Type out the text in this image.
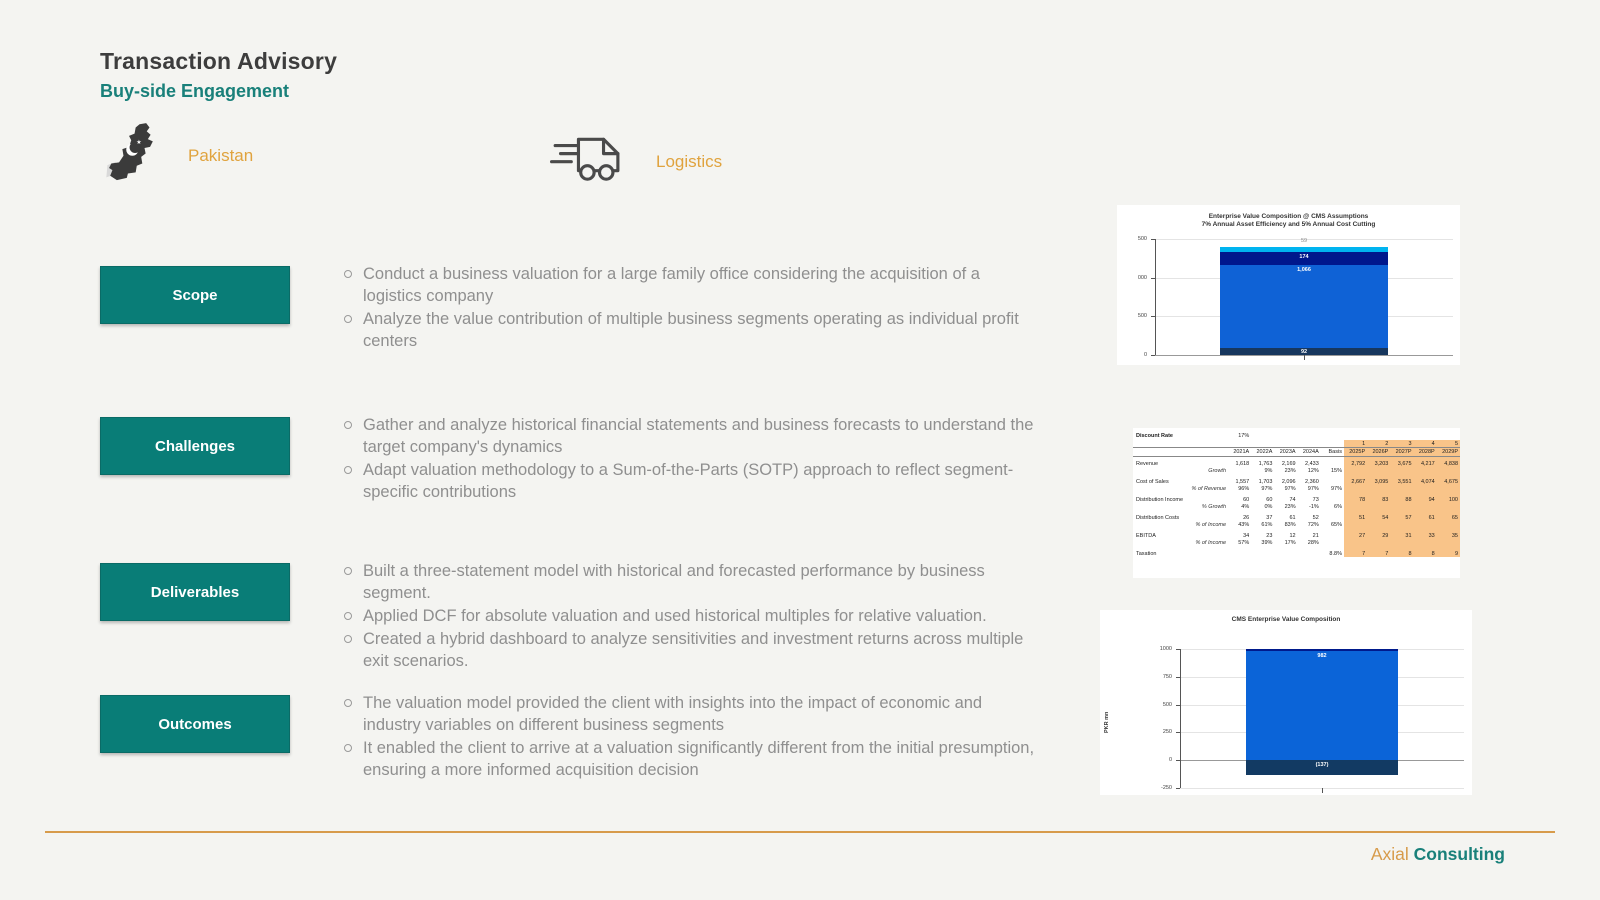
Transaction Advisory
Buy-side Engagement
★
Pakistan	Logistics
Scope
Conduct a business valuation for a large family office considering the acquisition of a logistics company
Analyze the value contribution of multiple business segments operating as individual profit centers
Challenges
Gather and analyze historical financial statements and business forecasts to understand the target company's dynamics
Adapt valuation methodology to a Sum-of-the-Parts (SOTP) approach to reflect segment-specific contributions
Deliverables
Built a three-statement model with historical and forecasted performance by business segment.
Applied DCF for absolute valuation and used historical multiples for relative valuation.
Created a hybrid dashboard to analyze sensitivities and investment returns across multiple exit scenarios.
Outcomes
The valuation model provided the client with insights into the impact of economic and industry variables on different business segments
It enabled the client to arrive at a valuation significantly different from the initial presumption, ensuring a more informed acquisition decision
Enterprise Value Composition @ CMS Assumptions
7% Annual Asset Efficiency and 5% Annual Cost Cutting
500
000
500
0	92
1,066
174
59
Discount Rate	17%									
						1	2	3	4	5
	2021A	2022A	2023A	2024A	Basis	2025P	2026P	2027P	2028P	2029P
Revenue	1,618	1,763	2,169	2,433		2,792	3,203	3,675	4,217	4,838
Growth		9%	23%	12%	15%					
Cost of Sales	1,557	1,703	2,096	2,360		2,667	3,095	3,551	4,074	4,675
% of Revenue	96%	97%	97%	97%	97%					
Distribution Income	60	60	74	73		78	83	88	94	100
% Growth	4%	0%	23%	-1%	6%					
Distribution Costs	26	37	61	52		51	54	57	61	65
% of Income	43%	61%	83%	72%	65%					
EBITDA	34	23	12	21		27	29	31	33	35
% of Income	57%	39%	17%	28%						
Taxation					8.8%	7	7	8	8	9
CMS Enterprise Value Composition
1000
750
500
250
0
-250
PKR mn
(137)
982
Axial Consulting
